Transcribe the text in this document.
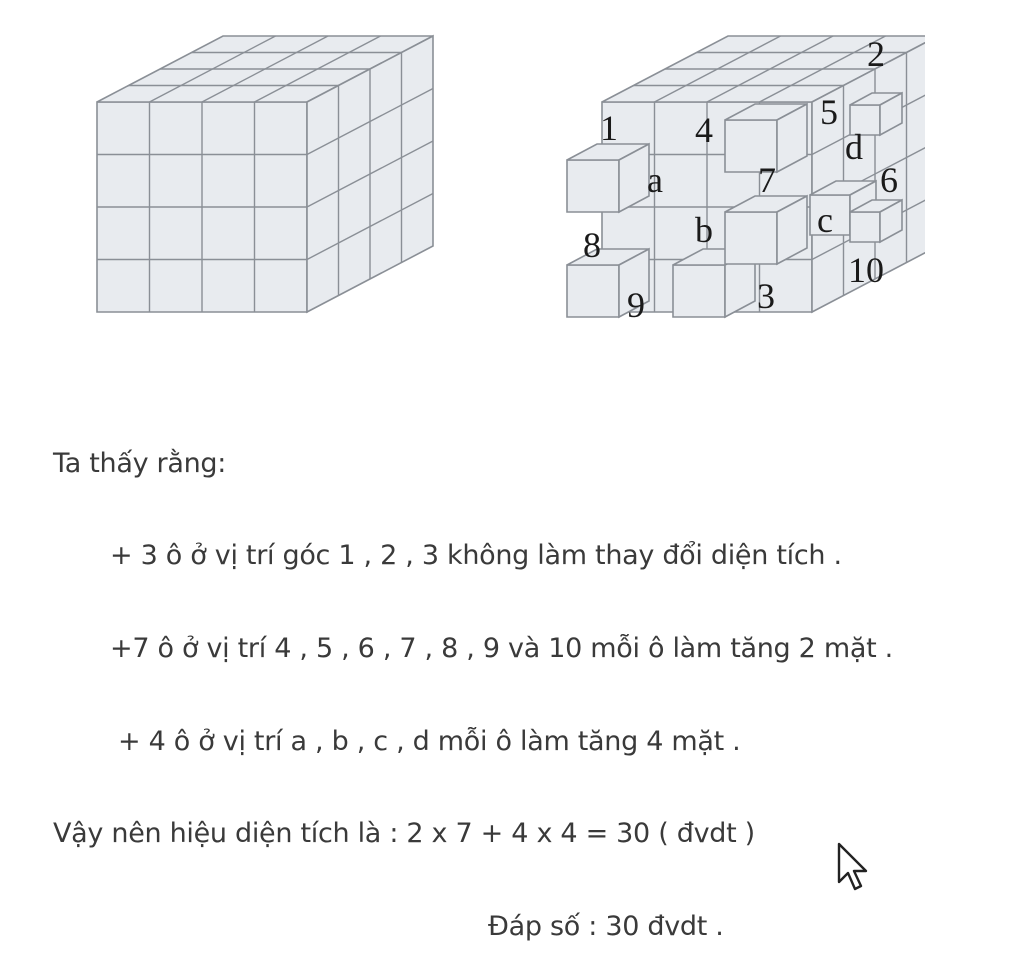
1
2
3
4	5
6
7
8
9
10
a
b	c
d
Ta thấy rằng:
+ 3 ô ở vị trí góc 1 , 2 , 3 không làm thay đổi diện tích .
+7 ô ở vị trí 4 , 5 , 6 , 7 , 8 , 9 và 10 mỗi ô làm tăng 2 mặt .
+ 4 ô ở vị trí a , b , c , d mỗi ô làm tăng 4 mặt .
Vậy nên hiệu diện tích là : 2 x 7 + 4 x 4 = 30 ( đvdt )
Đáp số : 30 đvdt .
